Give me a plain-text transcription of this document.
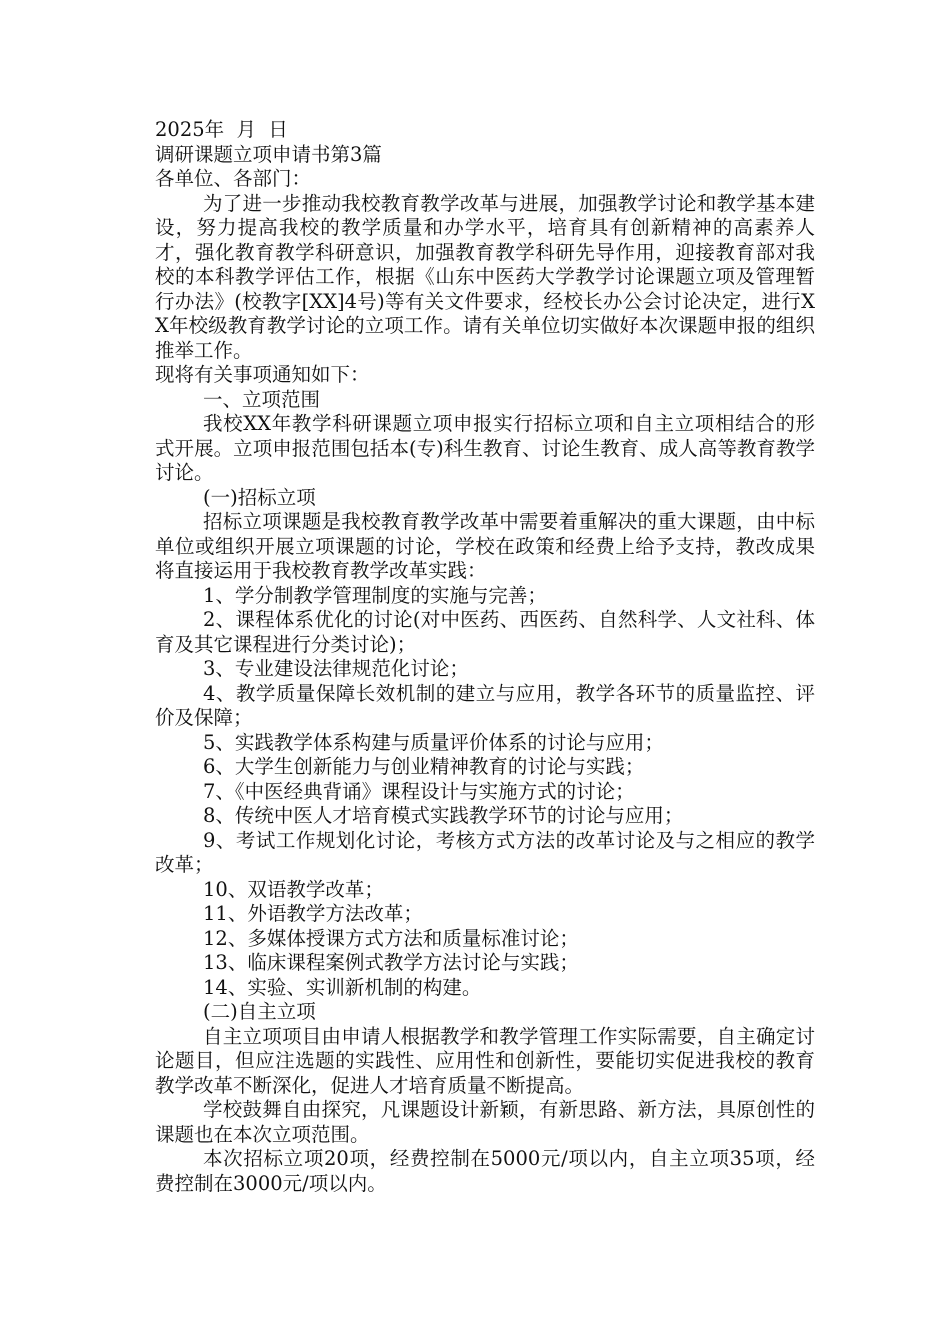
2025年  月  日
调研课题立项申请书第3篇
各单位、各部门：
为了进一步推动我校教育教学改革与进展，加强教学讨论和教学基本建设，努力提高我校的教学质量和办学水平，培育具有创新精神的高素养人才，强化教育教学科研意识，加强教育教学科研先导作用，迎接教育部对我校的本科教学评估工作，根据《山东中医药大学教学讨论课题立项及管理暂行办法》(校教字[XX]4号)等有关文件要求，经校长办公会讨论决定，进行XX年校级教育教学讨论的立项工作。请有关单位切实做好本次课题申报的组织推举工作。
现将有关事项通知如下：
一、立项范围
我校XX年教学科研课题立项申报实行招标立项和自主立项相结合的形式开展。立项申报范围包括本(专)科生教育、讨论生教育、成人高等教育教学讨论。
(一)招标立项
招标立项课题是我校教育教学改革中需要着重解决的重大课题，由中标单位或组织开展立项课题的讨论，学校在政策和经费上给予支持，教改成果将直接运用于我校教育教学改革实践：
1、学分制教学管理制度的实施与完善；
2、课程体系优化的讨论(对中医药、西医药、自然科学、人文社科、体育及其它课程进行分类讨论)；
3、专业建设法律规范化讨论；
4、教学质量保障长效机制的建立与应用，教学各环节的质量监控、评价及保障；
5、实践教学体系构建与质量评价体系的讨论与应用；
6、大学生创新能力与创业精神教育的讨论与实践；
7、《中医经典背诵》课程设计与实施方式的讨论；
8、传统中医人才培育模式实践教学环节的讨论与应用；
9、考试工作规划化讨论，考核方式方法的改革讨论及与之相应的教学改革；
10、双语教学改革；
11、外语教学方法改革；
12、多媒体授课方式方法和质量标准讨论；
13、临床课程案例式教学方法讨论与实践；
14、实验、实训新机制的构建。
(二)自主立项
自主立项项目由申请人根据教学和教学管理工作实际需要，自主确定讨论题目，但应注选题的实践性、应用性和创新性，要能切实促进我校的教育教学改革不断深化，促进人才培育质量不断提高。
学校鼓舞自由探究，凡课题设计新颖，有新思路、新方法，具原创性的课题也在本次立项范围。
本次招标立项20项，经费控制在5000元/项以内，自主立项35项，经费控制在3000元/项以内。
